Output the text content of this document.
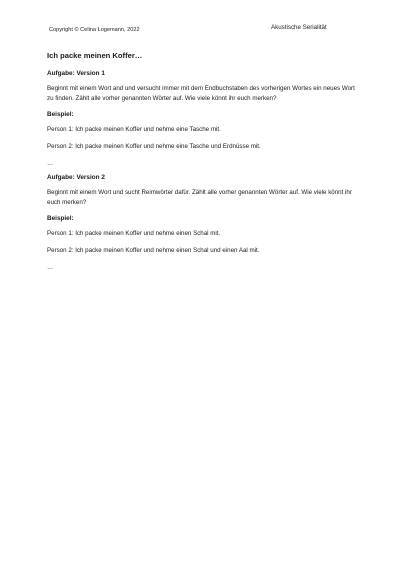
Copyright © Celina Logemann, 2022	Akustische Serialität
Ich packe meinen Koffer…
Aufgabe: Version 1
Beginnt mit einem Wort and und versucht immer mit dem Endbuchstaben des vorherigen Wortes ein neues Wort zu finden. Zählt alle vorher genannten Wörter auf. Wie viele könnt ihr euch merken?
Beispiel:
Person 1: Ich packe meinen Koffer und nehme eine Tasche mit.
Person 2: Ich packe meinen Koffer und nehme eine Tasche und Erdnüsse mit.
…
Aufgabe: Version 2
Beginnt mit einem Wort und sucht Reimwörter dafür. Zählt alle vorher genannten Wörter auf. Wie viele könnt ihr euch merken?
Beispiel:
Person 1: Ich packe meinen Koffer und nehme einen Schal mit.
Person 2: Ich packe meinen Koffer und nehme einen Schal und einen Aal mit.
…
